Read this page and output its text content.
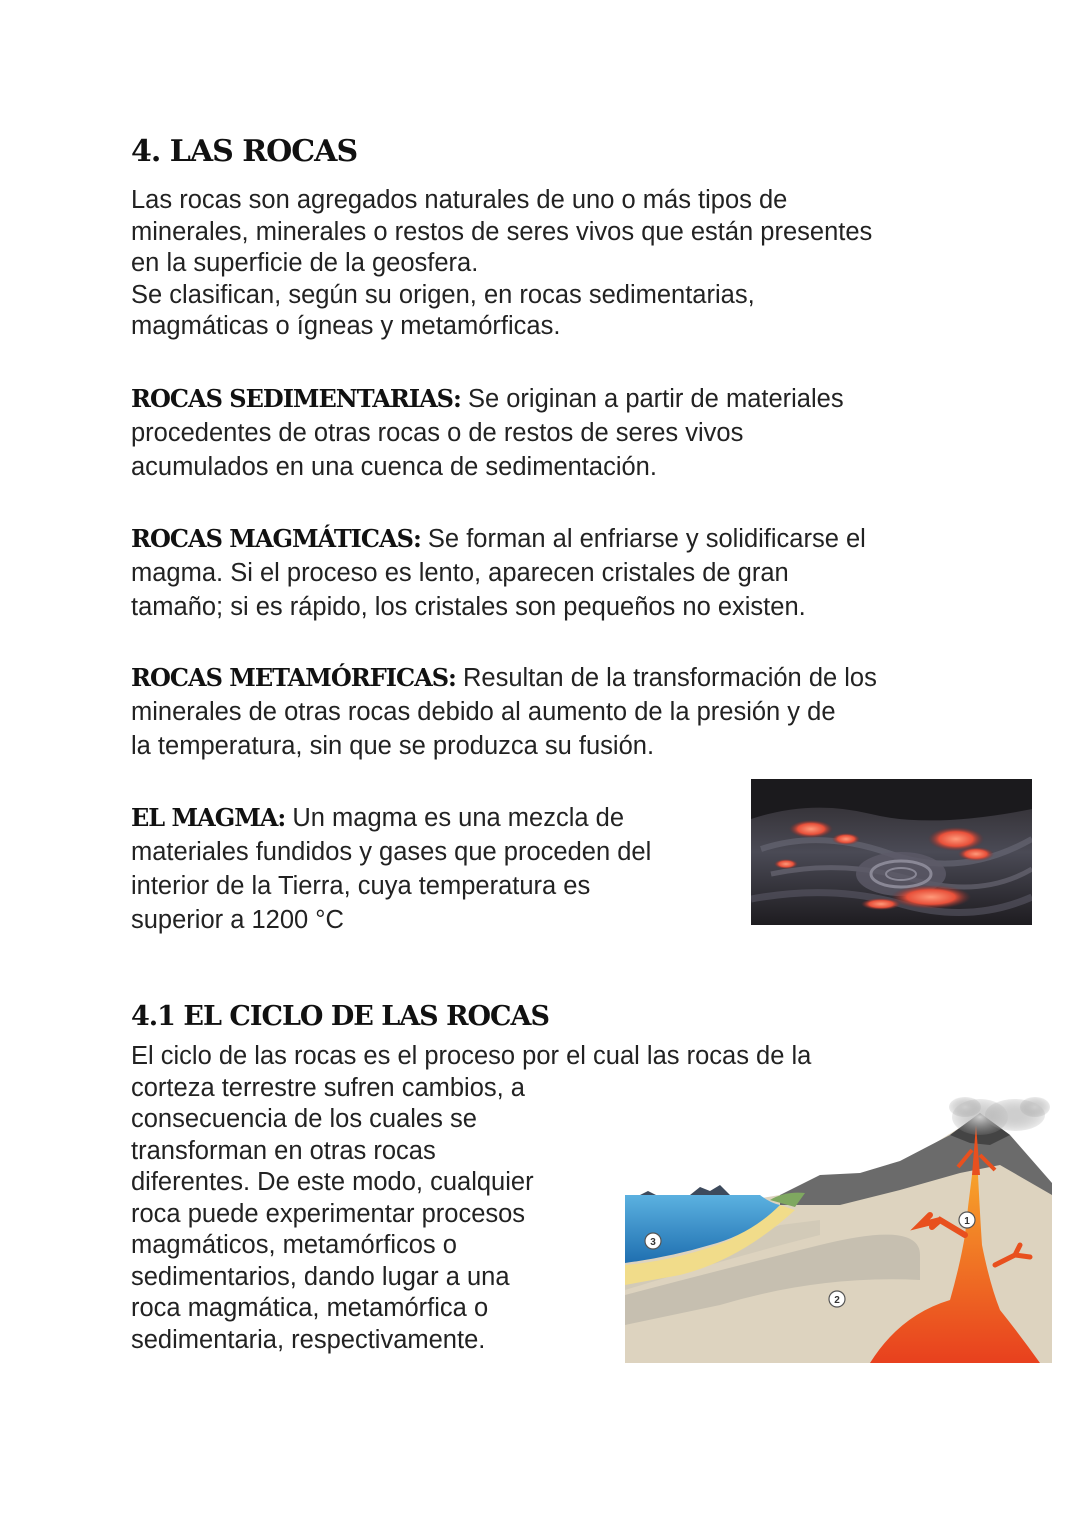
4. LAS ROCAS
Las rocas son agregados naturales de uno o más tipos de
minerales, minerales o restos de seres vivos que están presentes
en la superficie de la geosfera.
Se clasifican, según su origen, en rocas sedimentarias,
magmáticas o ígneas y metamórficas.
ROCAS SEDIMENTARIAS: Se originan a partir de materiales
procedentes de otras rocas o de restos de seres vivos
acumulados en una cuenca de sedimentación.
ROCAS MAGMÁTICAS: Se forman al enfriarse y solidificarse el
magma. Si el proceso es lento, aparecen cristales de gran
tamaño; si es rápido, los cristales son pequeños no existen.
ROCAS METAMÓRFICAS: Resultan de la transformación de los
minerales de otras rocas debido al aumento de la presión y de
la temperatura, sin que se produzca su fusión.
EL MAGMA: Un magma es una mezcla de
materiales fundidos y gases que proceden del
interior de la Tierra, cuya temperatura es
superior a 1200 °C
4.1 EL CICLO DE LAS ROCAS
El ciclo de las rocas es el proceso por el cual las rocas de la
corteza terrestre sufren cambios, a
consecuencia de los cuales se
transforman en otras rocas
diferentes. De este modo, cualquier
roca puede experimentar procesos
magmáticos, metamórficos o
sedimentarios, dando lugar a una
roca magmática, metamórfica o
sedimentaria, respectivamente.
1
2
3
